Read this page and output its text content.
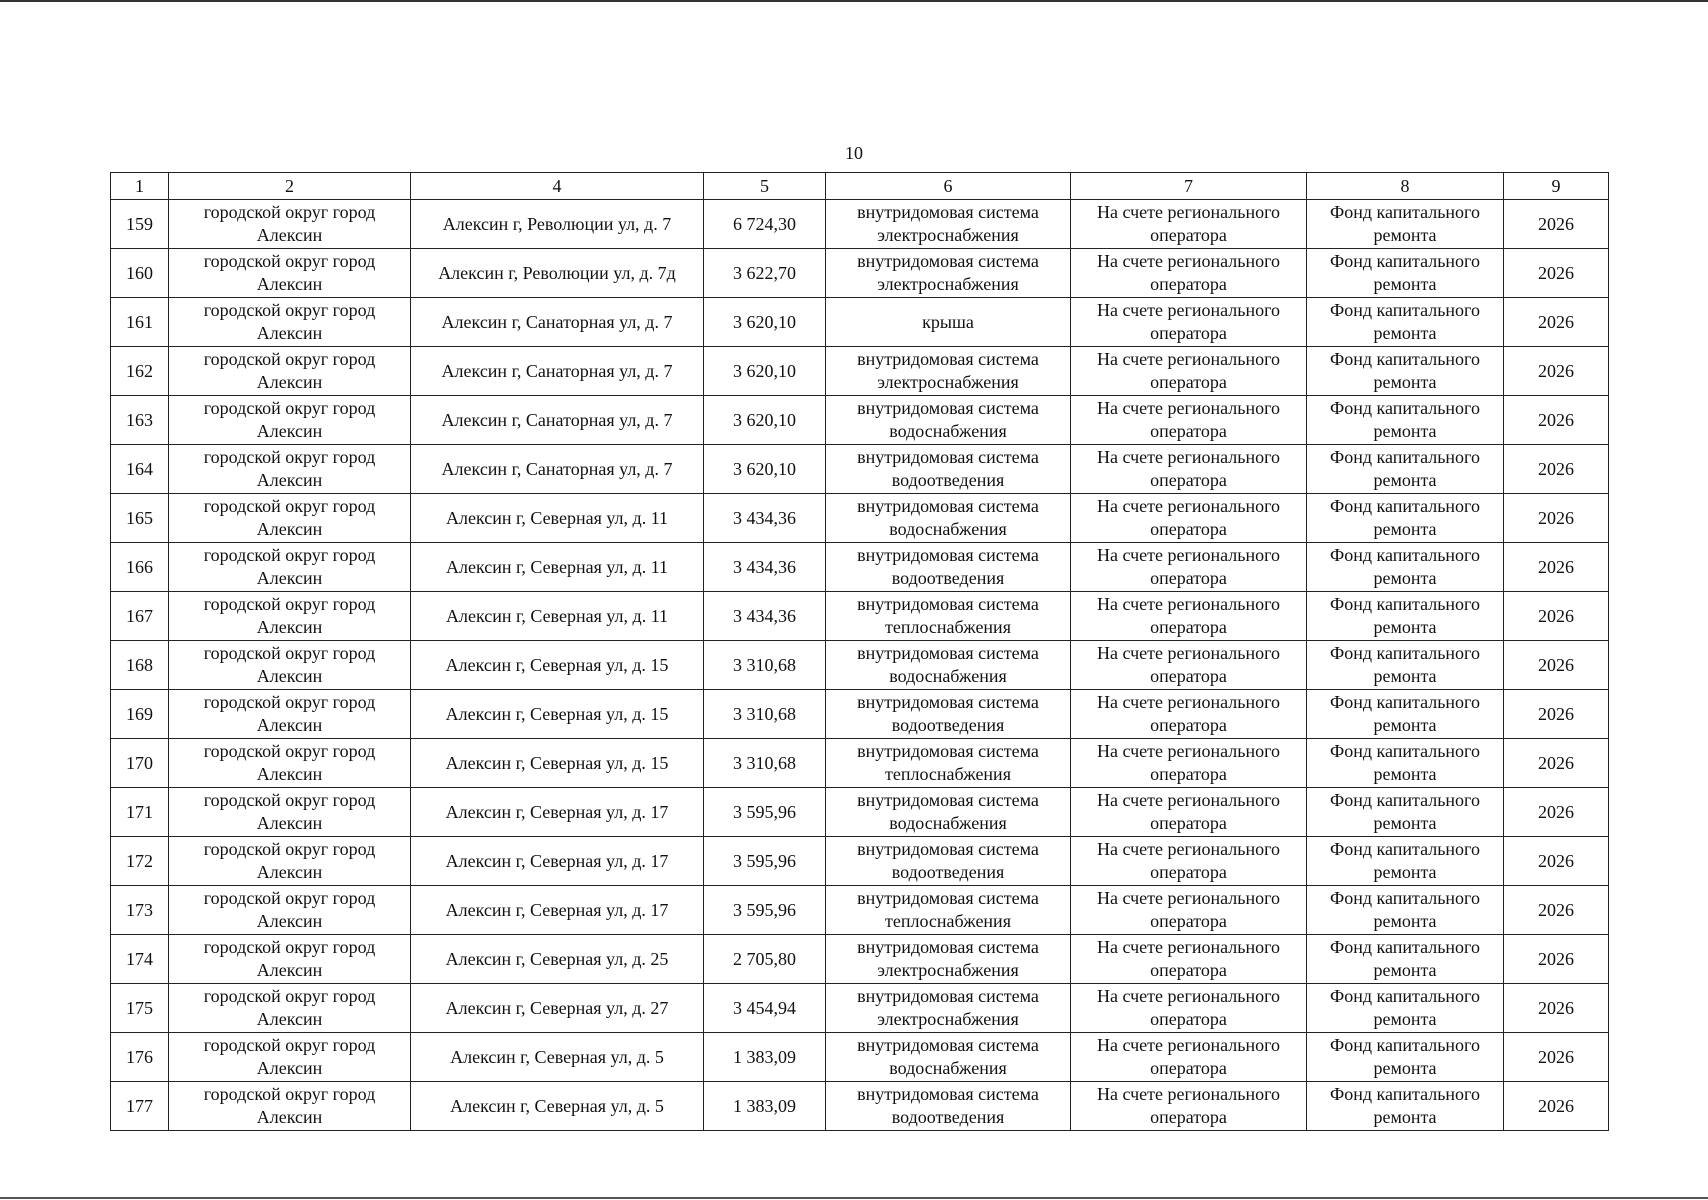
10
1	2	4	5	6	7	8	9
159	городской округ город Алексин	Алексин г, Революции ул, д. 7	6 724,30	внутридомовая система электроснабжения	На счете регионального оператора	Фонд капитального ремонта	2026
160	городской округ город Алексин	Алексин г, Революции ул, д. 7д	3 622,70	внутридомовая система электроснабжения	На счете регионального оператора	Фонд капитального ремонта	2026
161	городской округ город Алексин	Алексин г, Санаторная ул, д. 7	3 620,10	крыша	На счете регионального оператора	Фонд капитального ремонта	2026
162	городской округ город Алексин	Алексин г, Санаторная ул, д. 7	3 620,10	внутридомовая система электроснабжения	На счете регионального оператора	Фонд капитального ремонта	2026
163	городской округ город Алексин	Алексин г, Санаторная ул, д. 7	3 620,10	внутридомовая система водоснабжения	На счете регионального оператора	Фонд капитального ремонта	2026
164	городской округ город Алексин	Алексин г, Санаторная ул, д. 7	3 620,10	внутридомовая система водоотведения	На счете регионального оператора	Фонд капитального ремонта	2026
165	городской округ город Алексин	Алексин г, Северная ул, д. 11	3 434,36	внутридомовая система водоснабжения	На счете регионального оператора	Фонд капитального ремонта	2026
166	городской округ город Алексин	Алексин г, Северная ул, д. 11	3 434,36	внутридомовая система водоотведения	На счете регионального оператора	Фонд капитального ремонта	2026
167	городской округ город Алексин	Алексин г, Северная ул, д. 11	3 434,36	внутридомовая система теплоснабжения	На счете регионального оператора	Фонд капитального ремонта	2026
168	городской округ город Алексин	Алексин г, Северная ул, д. 15	3 310,68	внутридомовая система водоснабжения	На счете регионального оператора	Фонд капитального ремонта	2026
169	городской округ город Алексин	Алексин г, Северная ул, д. 15	3 310,68	внутридомовая система водоотведения	На счете регионального оператора	Фонд капитального ремонта	2026
170	городской округ город Алексин	Алексин г, Северная ул, д. 15	3 310,68	внутридомовая система теплоснабжения	На счете регионального оператора	Фонд капитального ремонта	2026
171	городской округ город Алексин	Алексин г, Северная ул, д. 17	3 595,96	внутридомовая система водоснабжения	На счете регионального оператора	Фонд капитального ремонта	2026
172	городской округ город Алексин	Алексин г, Северная ул, д. 17	3 595,96	внутридомовая система водоотведения	На счете регионального оператора	Фонд капитального ремонта	2026
173	городской округ город Алексин	Алексин г, Северная ул, д. 17	3 595,96	внутридомовая система теплоснабжения	На счете регионального оператора	Фонд капитального ремонта	2026
174	городской округ город Алексин	Алексин г, Северная ул, д. 25	2 705,80	внутридомовая система электроснабжения	На счете регионального оператора	Фонд капитального ремонта	2026
175	городской округ город Алексин	Алексин г, Северная ул, д. 27	3 454,94	внутридомовая система электроснабжения	На счете регионального оператора	Фонд капитального ремонта	2026
176	городской округ город Алексин	Алексин г, Северная ул, д. 5	1 383,09	внутридомовая система водоснабжения	На счете регионального оператора	Фонд капитального ремонта	2026
177	городской округ город Алексин	Алексин г, Северная ул, д. 5	1 383,09	внутридомовая система водоотведения	На счете регионального оператора	Фонд капитального ремонта	2026
